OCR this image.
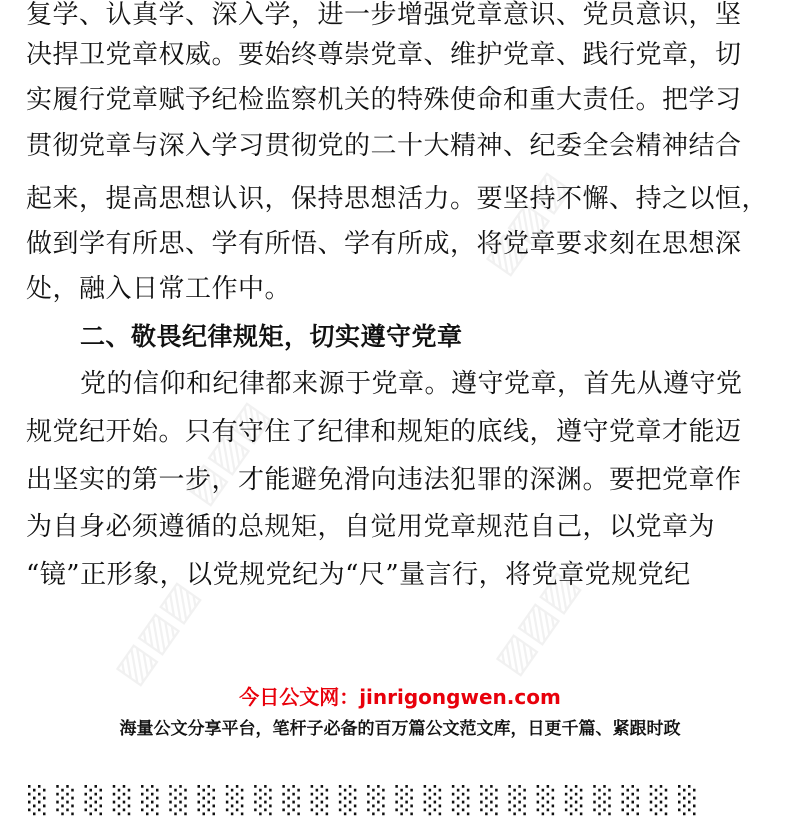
▨▨▨
▨▨▨
▨▨▨	▨▨▨
复学、认真学、深入学，进一步增强党章意识、党员意识，坚
决捍卫党章权威。要始终尊崇党章、维护党章、践行党章，切
实履行党章赋予纪检监察机关的特殊使命和重大责任。把学习
贯彻党章与深入学习贯彻党的二十大精神、纪委全会精神结合
起来，提高思想认识，保持思想活力。要坚持不懈、持之以恒，
做到学有所思、学有所悟、学有所成，将党章要求刻在思想深
处，融入日常工作中。
二、敬畏纪律规矩，切实遵守党章
党的信仰和纪律都来源于党章。遵守党章，首先从遵守党
规党纪开始。只有守住了纪律和规矩的底线，遵守党章才能迈
出坚实的第一步，才能避免滑向违法犯罪的深渊。要把党章作
为自身必须遵循的总规矩，自觉用党章规范自己，以党章为
“镜”正形象，以党规党纪为“尺”量言行，将党章党规党纪
今日公文网：jinrigongwen.com
海量公文分享平台，笔杆子必备的百万篇公文范文库，日更千篇、紧跟时政
░ ░ ░ ░ ░ ░ ░ ░ ░ ░ ░ ░ ░ ░ ░ ░ ░ ░ ░ ░ ░ ░ ░ ░
